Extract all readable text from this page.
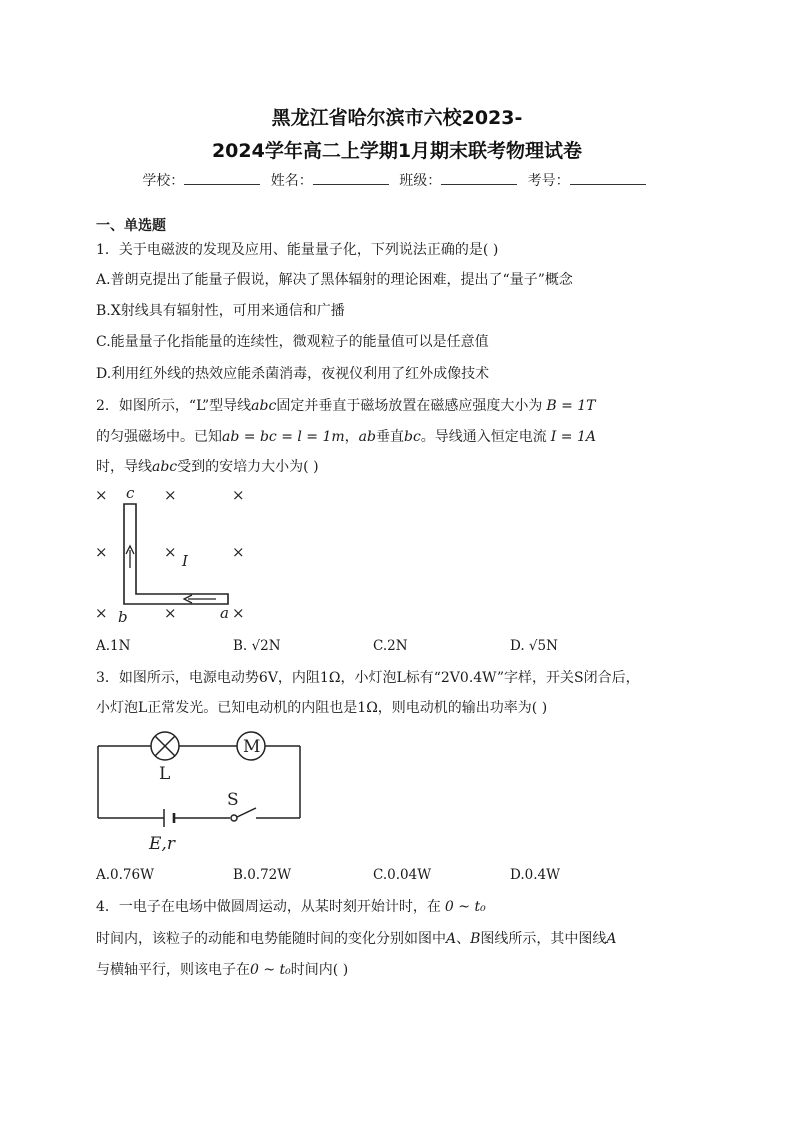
黑龙江省哈尔滨市六校2023-
2024学年高二上学期1月期末联考物理试卷
学校：	姓名：	班级：	考号：
一、单选题
1．关于电磁波的发现及应用、能量量子化，下列说法正确的是( )
A.普朗克提出了能量子假说，解决了黑体辐射的理论困难，提出了“量子”概念
B.X射线具有辐射性，可用来通信和广播
C.能量量子化指能量的连续性，微观粒子的能量值可以是任意值
D.利用红外线的热效应能杀菌消毒，夜视仪利用了红外成像技术
2．如图所示，“L”型导线abc固定并垂直于磁场放置在磁感应强度大小为 B = 1T
的匀强磁场中。已知ab = bc = l = 1m，ab垂直bc。导线通入恒定电流 I = 1A
时，导线abc受到的安培力大小为( )
×	×	×
×	×	×
×	×	×
c
b	a
I
A.1N	B. √2N	C.2N	D. √5N
3．如图所示，电源电动势6V，内阻1Ω，小灯泡L标有“2V0.4W”字样，开关S闭合后，
小灯泡L正常发光。已知电动机的内阻也是1Ω，则电动机的输出功率为( )
M
L
S
E,r
A.0.76W	B.0.72W	C.0.04W	D.0.4W
4．一电子在电场中做圆周运动，从某时刻开始计时，在 0 ~ t₀
时间内，该粒子的动能和电势能随时间的变化分别如图中A、B图线所示，其中图线A
与横轴平行，则该电子在0 ~ t₀时间内( )
